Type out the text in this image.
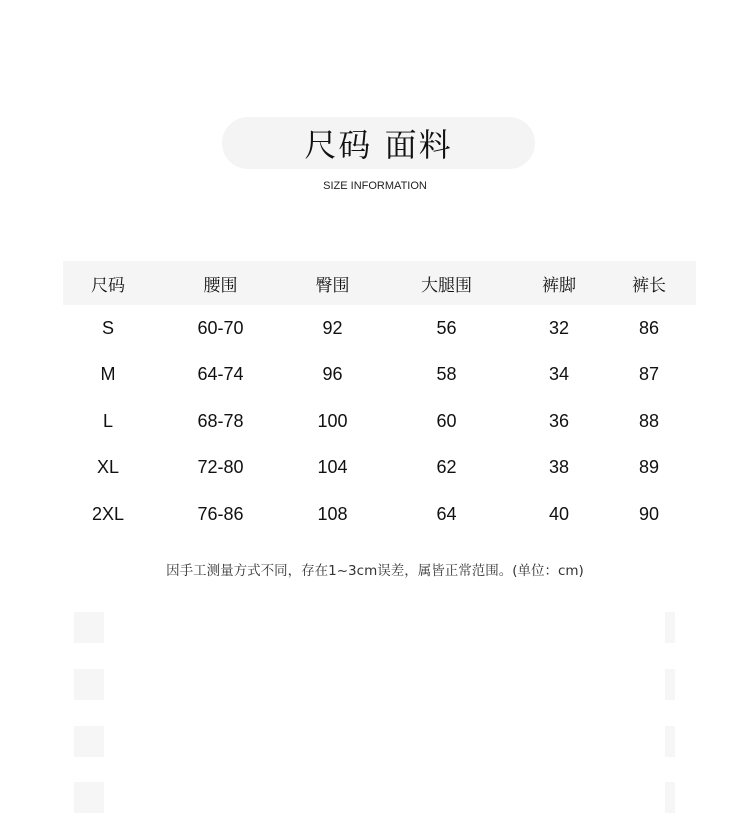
尺码 面料
SIZE INFORMATION
尺码	腰围	臀围	大腿围	裤脚	裤长
S	60-70	92	56	32	86
M	64-74	96	58	34	87
L	68-78	100	60	36	88
XL	72-80	104	62	38	89
2XL	76-86	108	64	40	90
因手工测量方式不同，存在1~3cm误差，属皆正常范围。(单位：cm)
